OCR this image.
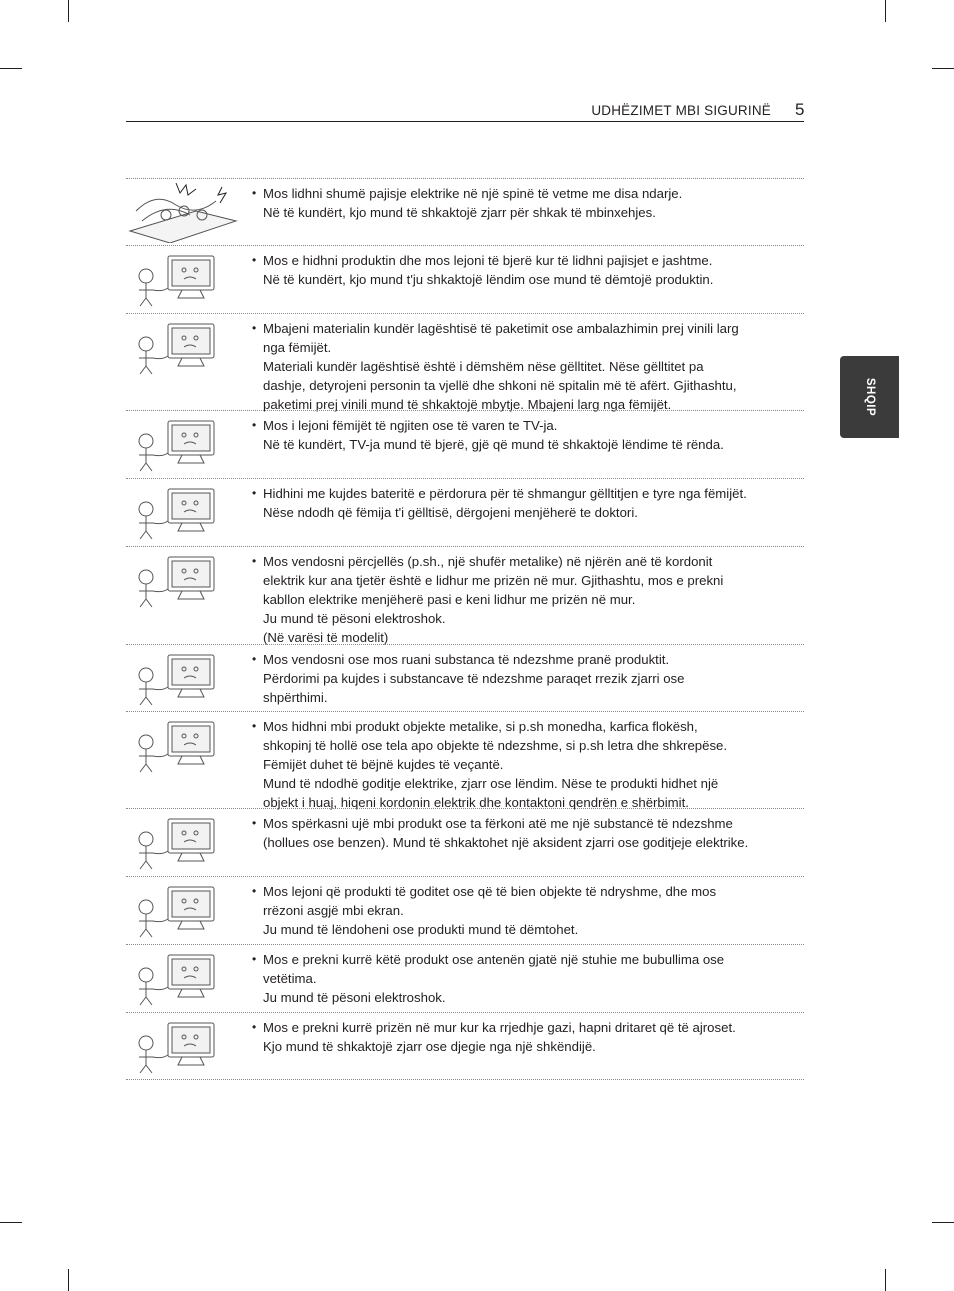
UDHËZIMET MBI SIGURINË 5
SHQIP
• Mos lidhni shumë pajisje elektrike në një spinë të vetme me disa ndarje.
Në të kundërt, kjo mund të shkaktojë zjarr për shkak të mbinxehjes.
• Mos e hidhni produktin dhe mos lejoni të bjerë kur të lidhni pajisjet e jashtme.
Në të kundërt, kjo mund t'ju shkaktojë lëndim ose mund të dëmtojë produktin.
• Mbajeni materialin kundër lagështisë të paketimit ose ambalazhimin prej vinili larg
nga fëmijët.
Materiali kundër lagështisë është i dëmshëm nëse gëlltitet. Nëse gëlltitet pa
dashje, detyrojeni personin ta vjellë dhe shkoni në spitalin më të afërt. Gjithashtu,
paketimi prej vinili mund të shkaktojë mbytje. Mbajeni larg nga fëmijët.
• Mos i lejoni fëmijët të ngjiten ose të varen te TV-ja.
Në të kundërt, TV-ja mund të bjerë, gjë që mund të shkaktojë lëndime të rënda.
• Hidhini me kujdes bateritë e përdorura për të shmangur gëlltitjen e tyre nga fëmijët.
Nëse ndodh që fëmija t'i gëlltisë, dërgojeni menjëherë te doktori.
• Mos vendosni përcjellës (p.sh., një shufër metalike) në njërën anë të kordonit
elektrik kur ana tjetër është e lidhur me prizën në mur. Gjithashtu, mos e prekni
kabllon elektrike menjëherë pasi e keni lidhur me prizën në mur.
Ju mund të pësoni elektroshok.
(Në varësi të modelit)
• Mos vendosni ose mos ruani substanca të ndezshme pranë produktit.
Përdorimi pa kujdes i substancave të ndezshme paraqet rrezik zjarri ose
shpërthimi.
• Mos hidhni mbi produkt objekte metalike, si p.sh monedha, karfica flokësh,
shkopinj të hollë ose tela apo objekte të ndezshme, si p.sh letra dhe shkrepëse.
Fëmijët duhet të bëjnë kujdes të veçantë.
Mund të ndodhë goditje elektrike, zjarr ose lëndim. Nëse te produkti hidhet një
objekt i huaj, hiqeni kordonin elektrik dhe kontaktoni qendrën e shërbimit.
• Mos spërkasni ujë mbi produkt ose ta fërkoni atë me një substancë të ndezshme
(hollues ose benzen). Mund të shkaktohet një aksident zjarri ose goditjeje elektrike.
• Mos lejoni që produkti të goditet ose që të bien objekte të ndryshme, dhe mos
rrëzoni asgjë mbi ekran.
Ju mund të lëndoheni ose produkti mund të dëmtohet.
• Mos e prekni kurrë këtë produkt ose antenën gjatë një stuhie me bubullima ose
vetëtima.
Ju mund të pësoni elektroshok.
• Mos e prekni kurrë prizën në mur kur ka rrjedhje gazi, hapni dritaret që të ajroset.
Kjo mund të shkaktojë zjarr ose djegie nga një shkëndijë.
